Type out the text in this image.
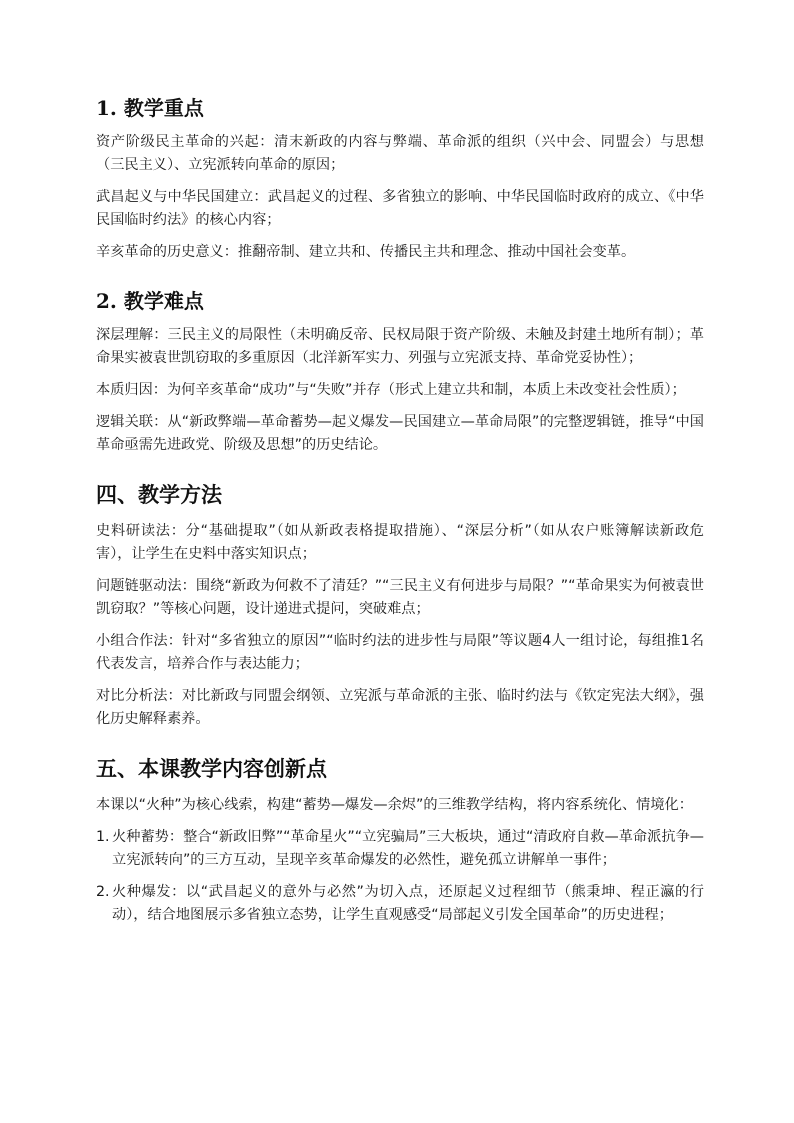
1. 教学重点

资产阶级民主革命的兴起：清末新政的内容与弊端、革命派的组织（兴中会、同盟会）与思想（三民主义）、立宪派转向革命的原因；

武昌起义与中华民国建立：武昌起义的过程、多省独立的影响、中华民国临时政府的成立、《中华民国临时约法》的核心内容；

辛亥革命的历史意义：推翻帝制、建立共和、传播民主共和理念、推动中国社会变革。

2. 教学难点

深层理解：三民主义的局限性（未明确反帝、民权局限于资产阶级、未触及封建土地所有制）；革命果实被袁世凯窃取的多重原因（北洋新军实力、列强与立宪派支持、革命党妥协性）；

本质归因：为何辛亥革命“成功”与“失败”并存（形式上建立共和制，本质上未改变社会性质）；

逻辑关联：从“新政弊端—革命蓄势—起义爆发—民国建立—革命局限”的完整逻辑链，推导“中国革命亟需先进政党、阶级及思想”的历史结论。

四、教学方法

史料研读法：分“基础提取”（如从新政表格提取措施）、“深层分析”（如从农户账簿解读新政危害），让学生在史料中落实知识点；

问题链驱动法：围绕“新政为何救不了清廷？”“三民主义有何进步与局限？”“革命果实为何被袁世凯窃取？”等核心问题，设计递进式提问，突破难点；

小组合作法：针对“多省独立的原因”“临时约法的进步性与局限”等议题4人一组讨论，每组推1名代表发言，培养合作与表达能力；

对比分析法：对比新政与同盟会纲领、立宪派与革命派的主张、临时约法与《钦定宪法大纲》，强化历史解释素养。

五、本课教学内容创新点

本课以“火种”为核心线索，构建“蓄势—爆发—余烬”的三维教学结构，将内容系统化、情境化：

1. 火种蓄势：整合“新政旧弊”“革命星火”“立宪骗局”三大板块，通过“清政府自救—革命派抗争—立宪派转向”的三方互动，呈现辛亥革命爆发的必然性，避免孤立讲解单一事件；
2. 火种爆发：以“武昌起义的意外与必然”为切入点，还原起义过程细节（熊秉坤、程正瀛的行动），结合地图展示多省独立态势，让学生直观感受“局部起义引发全国革命”的历史进程；
